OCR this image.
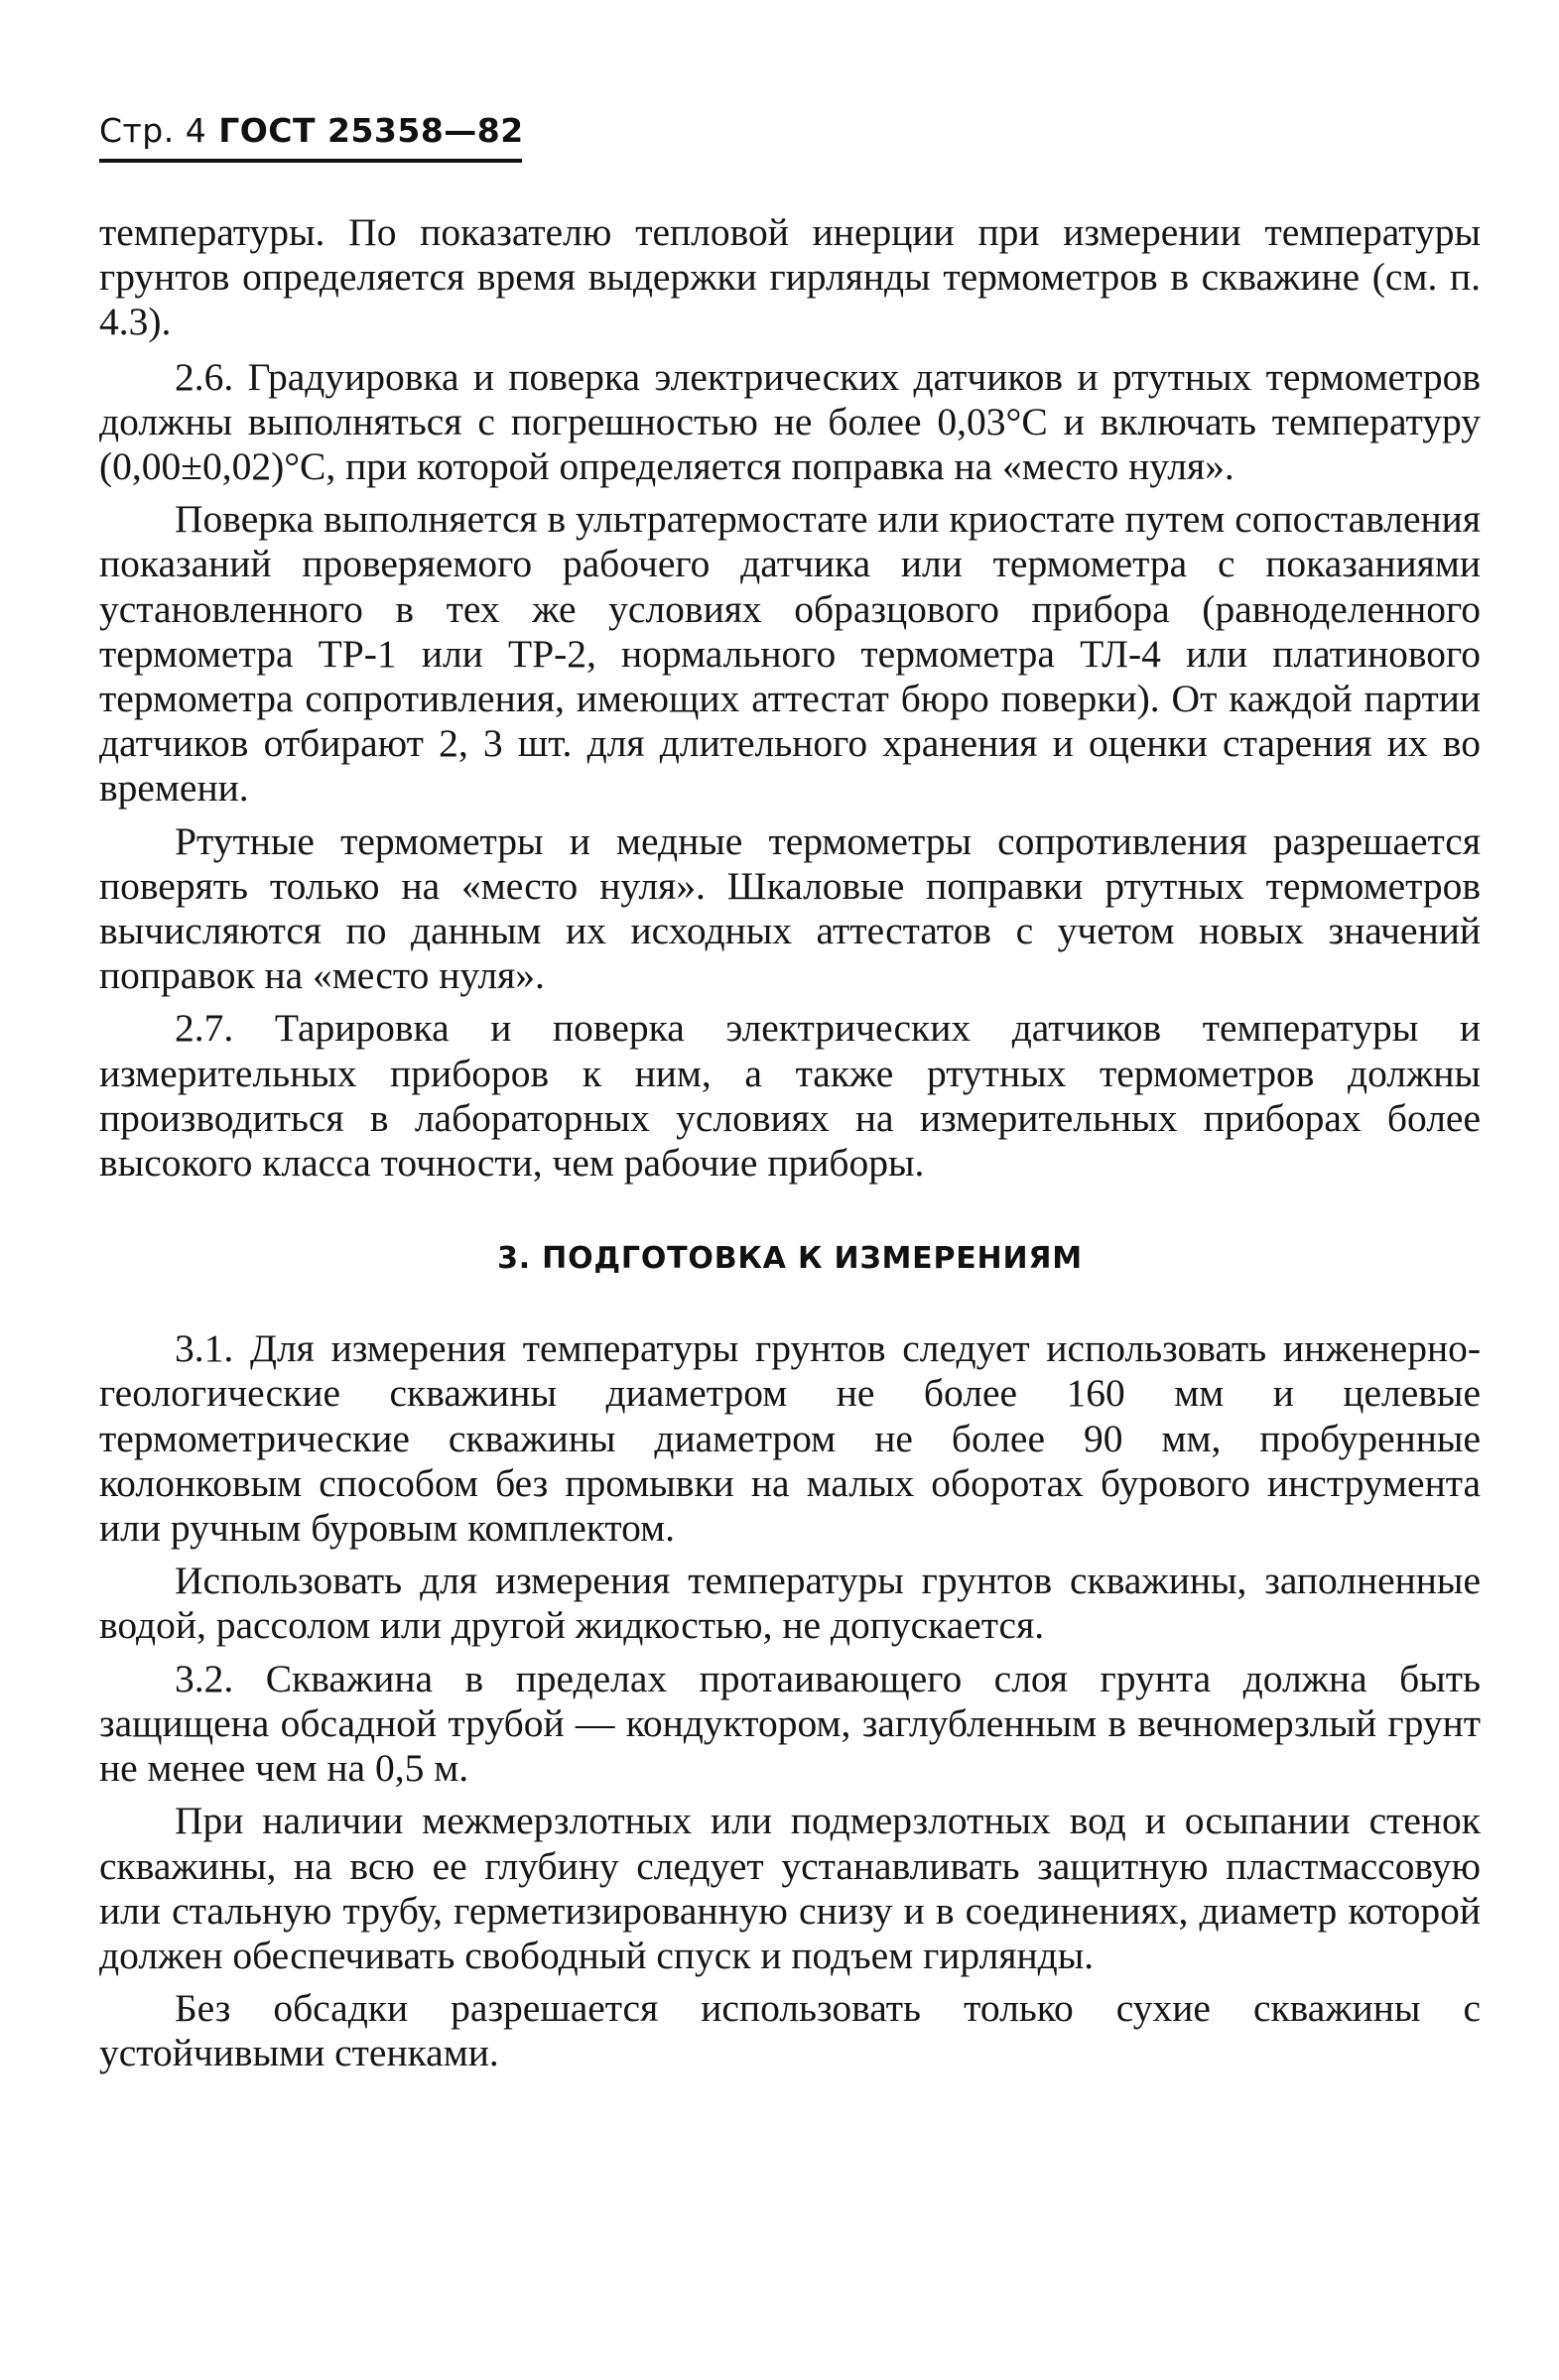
Стр. 4 ГОСТ 25358—82

температуры. По показателю тепловой инерции при измерении температуры грунтов определяется время выдержки гирлянды термометров в скважине (см. п. 4.3).

2.6. Градуировка и поверка электрических датчиков и ртутных термометров должны выполняться с погрешностью не более 0,03°С и включать температуру (0,00±0,02)°С, при которой определяется поправка на «место нуля».

Поверка выполняется в ультратермостате или криостате путем сопоставления показаний проверяемого рабочего датчика или термометра с показаниями установленного в тех же условиях образцового прибора (равноделенного термометра ТР-1 или ТР-2, нормального термометра ТЛ-4 или платинового термометра сопротивления, имеющих аттестат бюро поверки). От каждой партии датчиков отбирают 2, 3 шт. для длительного хранения и оценки старения их во времени.

Ртутные термометры и медные термометры сопротивления разрешается поверять только на «место нуля». Шкаловые поправки ртутных термометров вычисляются по данным их исходных аттестатов с учетом новых значений поправок на «место нуля».

2.7. Тарировка и поверка электрических датчиков температуры и измерительных приборов к ним, а также ртутных термометров должны производиться в лабораторных условиях на измерительных приборах более высокого класса точности, чем рабочие приборы.

3. ПОДГОТОВКА К ИЗМЕРЕНИЯМ

3.1. Для измерения температуры грунтов следует использовать инженерно-геологические скважины диаметром не более 160 мм и целевые термометрические скважины диаметром не более 90 мм, пробуренные колонковым способом без промывки на малых оборотах бурового инструмента или ручным буровым комплектом.

Использовать для измерения температуры грунтов скважины, заполненные водой, рассолом или другой жидкостью, не допускается.

3.2. Скважина в пределах протаивающего слоя грунта должна быть защищена обсадной трубой — кондуктором, заглубленным в вечномерзлый грунт не менее чем на 0,5 м.

При наличии межмерзлотных или подмерзлотных вод и осыпании стенок скважины, на всю ее глубину следует устанавливать защитную пластмассовую или стальную трубу, герметизированную снизу и в соединениях, диаметр которой должен обеспечивать свободный спуск и подъем гирлянды.

Без обсадки разрешается использовать только сухие скважины с устойчивыми стенками.
